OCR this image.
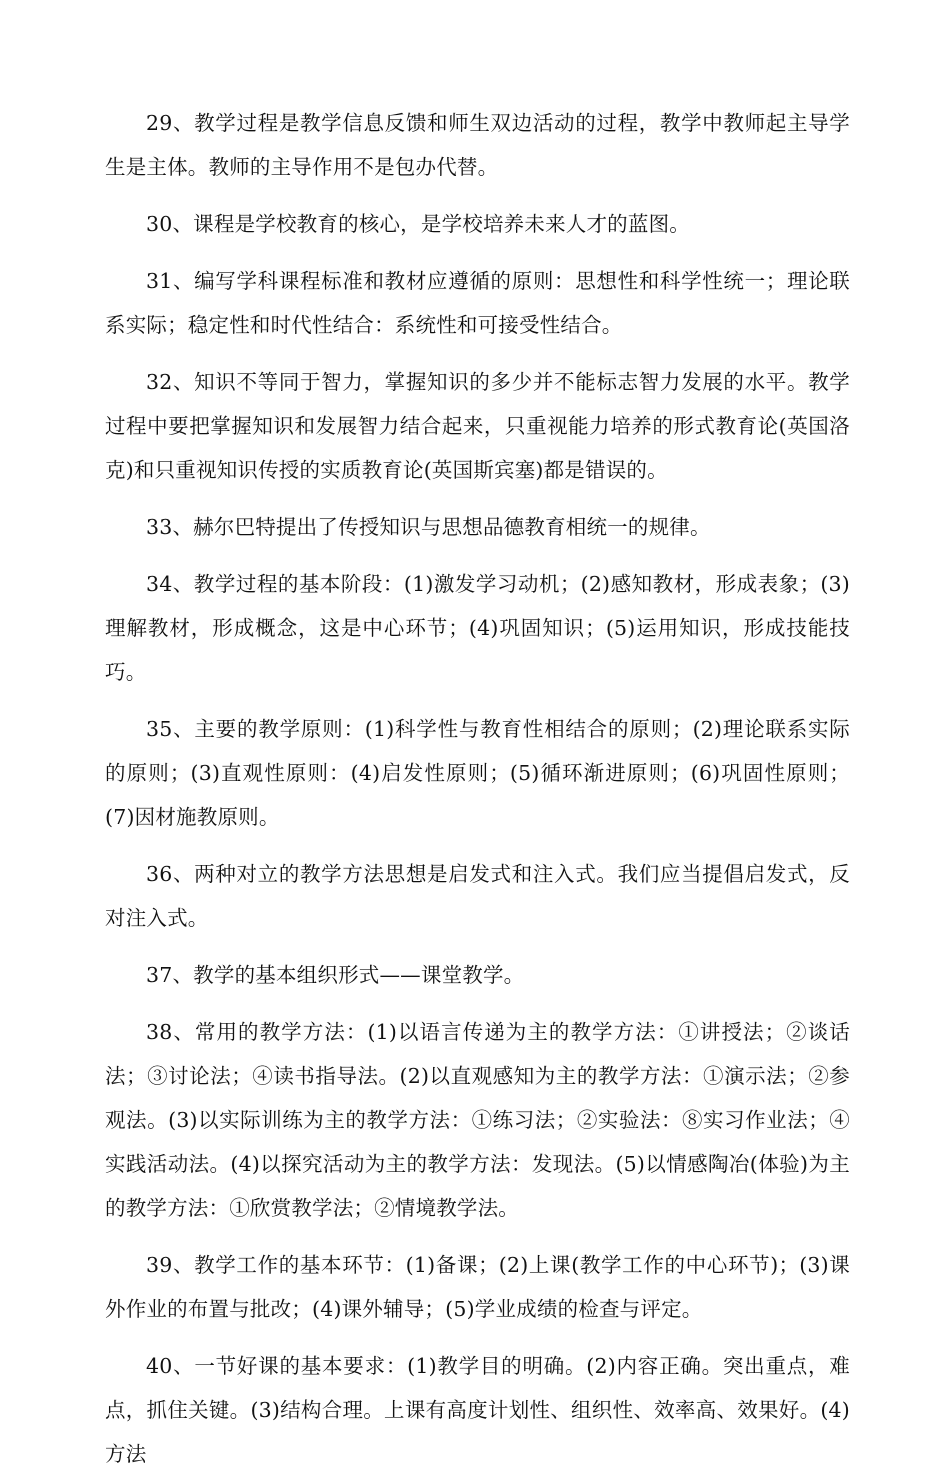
29、教学过程是教学信息反馈和师生双边活动的过程，教学中教师起主导学生是主体。教师的主导作用不是包办代替。

30、课程是学校教育的核心，是学校培养未来人才的蓝图。

31、编写学科课程标准和教材应遵循的原则：思想性和科学性统一；理论联系实际；稳定性和时代性结合：系统性和可接受性结合。

32、知识不等同于智力，掌握知识的多少并不能标志智力发展的水平。教学过程中要把掌握知识和发展智力结合起来，只重视能力培养的形式教育论(英国洛克)和只重视知识传授的实质教育论(英国斯宾塞)都是错误的。

33、赫尔巴特提出了传授知识与思想品德教育相统一的规律。

34、教学过程的基本阶段：(1)激发学习动机；(2)感知教材，形成表象；(3)理解教材，形成概念，这是中心环节；(4)巩固知识；(5)运用知识，形成技能技巧。

35、主要的教学原则：(1)科学性与教育性相结合的原则；(2)理论联系实际的原则；(3)直观性原则：(4)启发性原则；(5)循环渐进原则；(6)巩固性原则；(7)因材施教原则。

36、两种对立的教学方法思想是启发式和注入式。我们应当提倡启发式，反对注入式。

37、教学的基本组织形式——课堂教学。

38、常用的教学方法：(1)以语言传递为主的教学方法：①讲授法；②谈话法；③讨论法；④读书指导法。(2)以直观感知为主的教学方法：①演示法；②参观法。(3)以实际训练为主的教学方法：①练习法；②实验法：⑧实习作业法；④实践活动法。(4)以探究活动为主的教学方法：发现法。(5)以情感陶冶(体验)为主的教学方法：①欣赏教学法；②情境教学法。

39、教学工作的基本环节：(1)备课；(2)上课(教学工作的中心环节)；(3)课外作业的布置与批改；(4)课外辅导；(5)学业成绩的检查与评定。

40、一节好课的基本要求：(1)教学目的明确。(2)内容正确。突出重点，难点，抓住关键。(3)结构合理。上课有高度计划性、组织性、效率高、效果好。(4)方法
